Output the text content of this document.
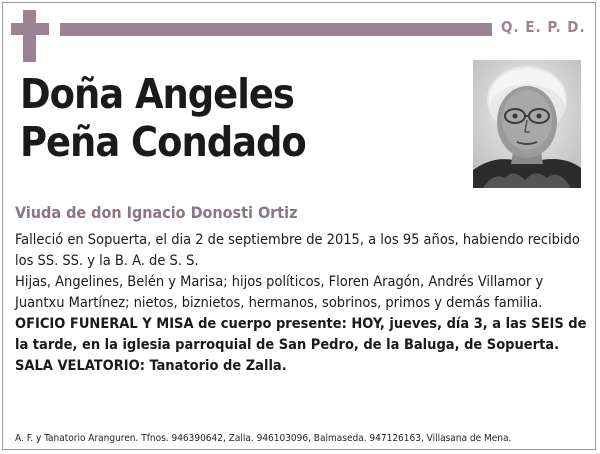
Q. E. P. D.
Doña Angeles
Peña Condado
Viuda de don Ignacio Donosti Ortiz

Falleció en Sopuerta, el dia 2 de septiembre de 2015, a los 95 años, habiendo recibido los SS. SS. y la B. A. de S. S.

Hijas, Angelines, Belén y Marisa; hijos políticos, Floren Aragón, Andrés Villamor y Juantxu Martínez; nietos, biznietos, hermanos, sobrinos, primos y demás familia.

OFICIO FUNERAL Y MISA de cuerpo presente: HOY, jueves, día 3, a las SEIS de la tarde, en la iglesia parroquial de San Pedro, de la Baluga, de Sopuerta.

SALA VELATORIO: Tanatorio de Zalla.

A. F. y Tanatorio Aranguren. Tfnos. 946390642, Zalla. 946103096, Balmaseda. 947126163, Villasana de Mena.
